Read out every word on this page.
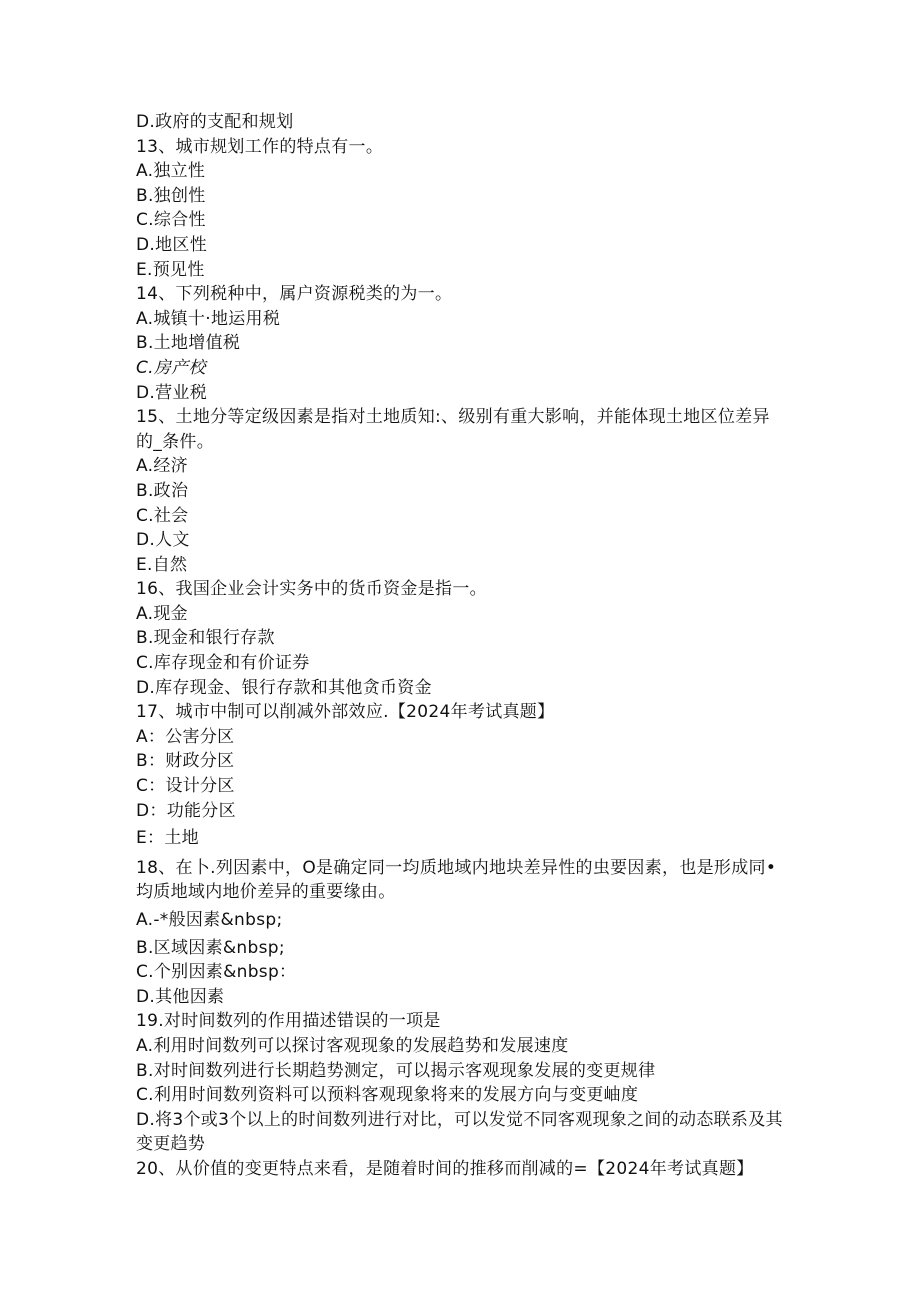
D.政府的支配和规划
13、城市规划工作的特点有一。
A.独立性
B.独创性
C.综合性
D.地区性
E.预见性
14、下列税种中，属户资源税类的为一。
A.城镇十·地运用税
B.土地增值税
C.房产校
D.营业税
15、土地分等定级因素是指对土地质知:、级别有重大影响，并能体现土地区位差异的_条件。
A.经济
B.政治
C.社会
D.人文
E.自然
16、我国企业会计实务中的货币资金是指一。
A.现金
B.现金和银行存款
C.库存现金和有价证券
D.库存现金、银行存款和其他贪币资金
17、城市中制可以削减外部效应.【2024年考试真题】
A：公害分区
B：财政分区
C：设计分区
D：功能分区
E：土地
18、在卜.列因素中，O是确定同一均质地域内地块差异性的虫要因素，也是形成同•均质地域内地价差异的重要缘由。
A.-*般因素&nbsp;
B.区域因素&nbsp;
C.个别因素&nbsp：
D.其他因素
19.对时间数列的作用描述错误的一项是
A.利用时间数列可以探讨客观现象的发展趋势和发展速度
B.对时间数列进行长期趋势测定，可以揭示客观现象发展的变更规律
C.利用时间数列资料可以预料客观现象将来的发展方向与变更岫度
D.将3个或3个以上的时间数列进行对比，可以发觉不同客观现象之间的动态联系及其变更趋势
20、从价值的变更特点来看，是随着时间的推移而削减的=【2024年考试真题】
